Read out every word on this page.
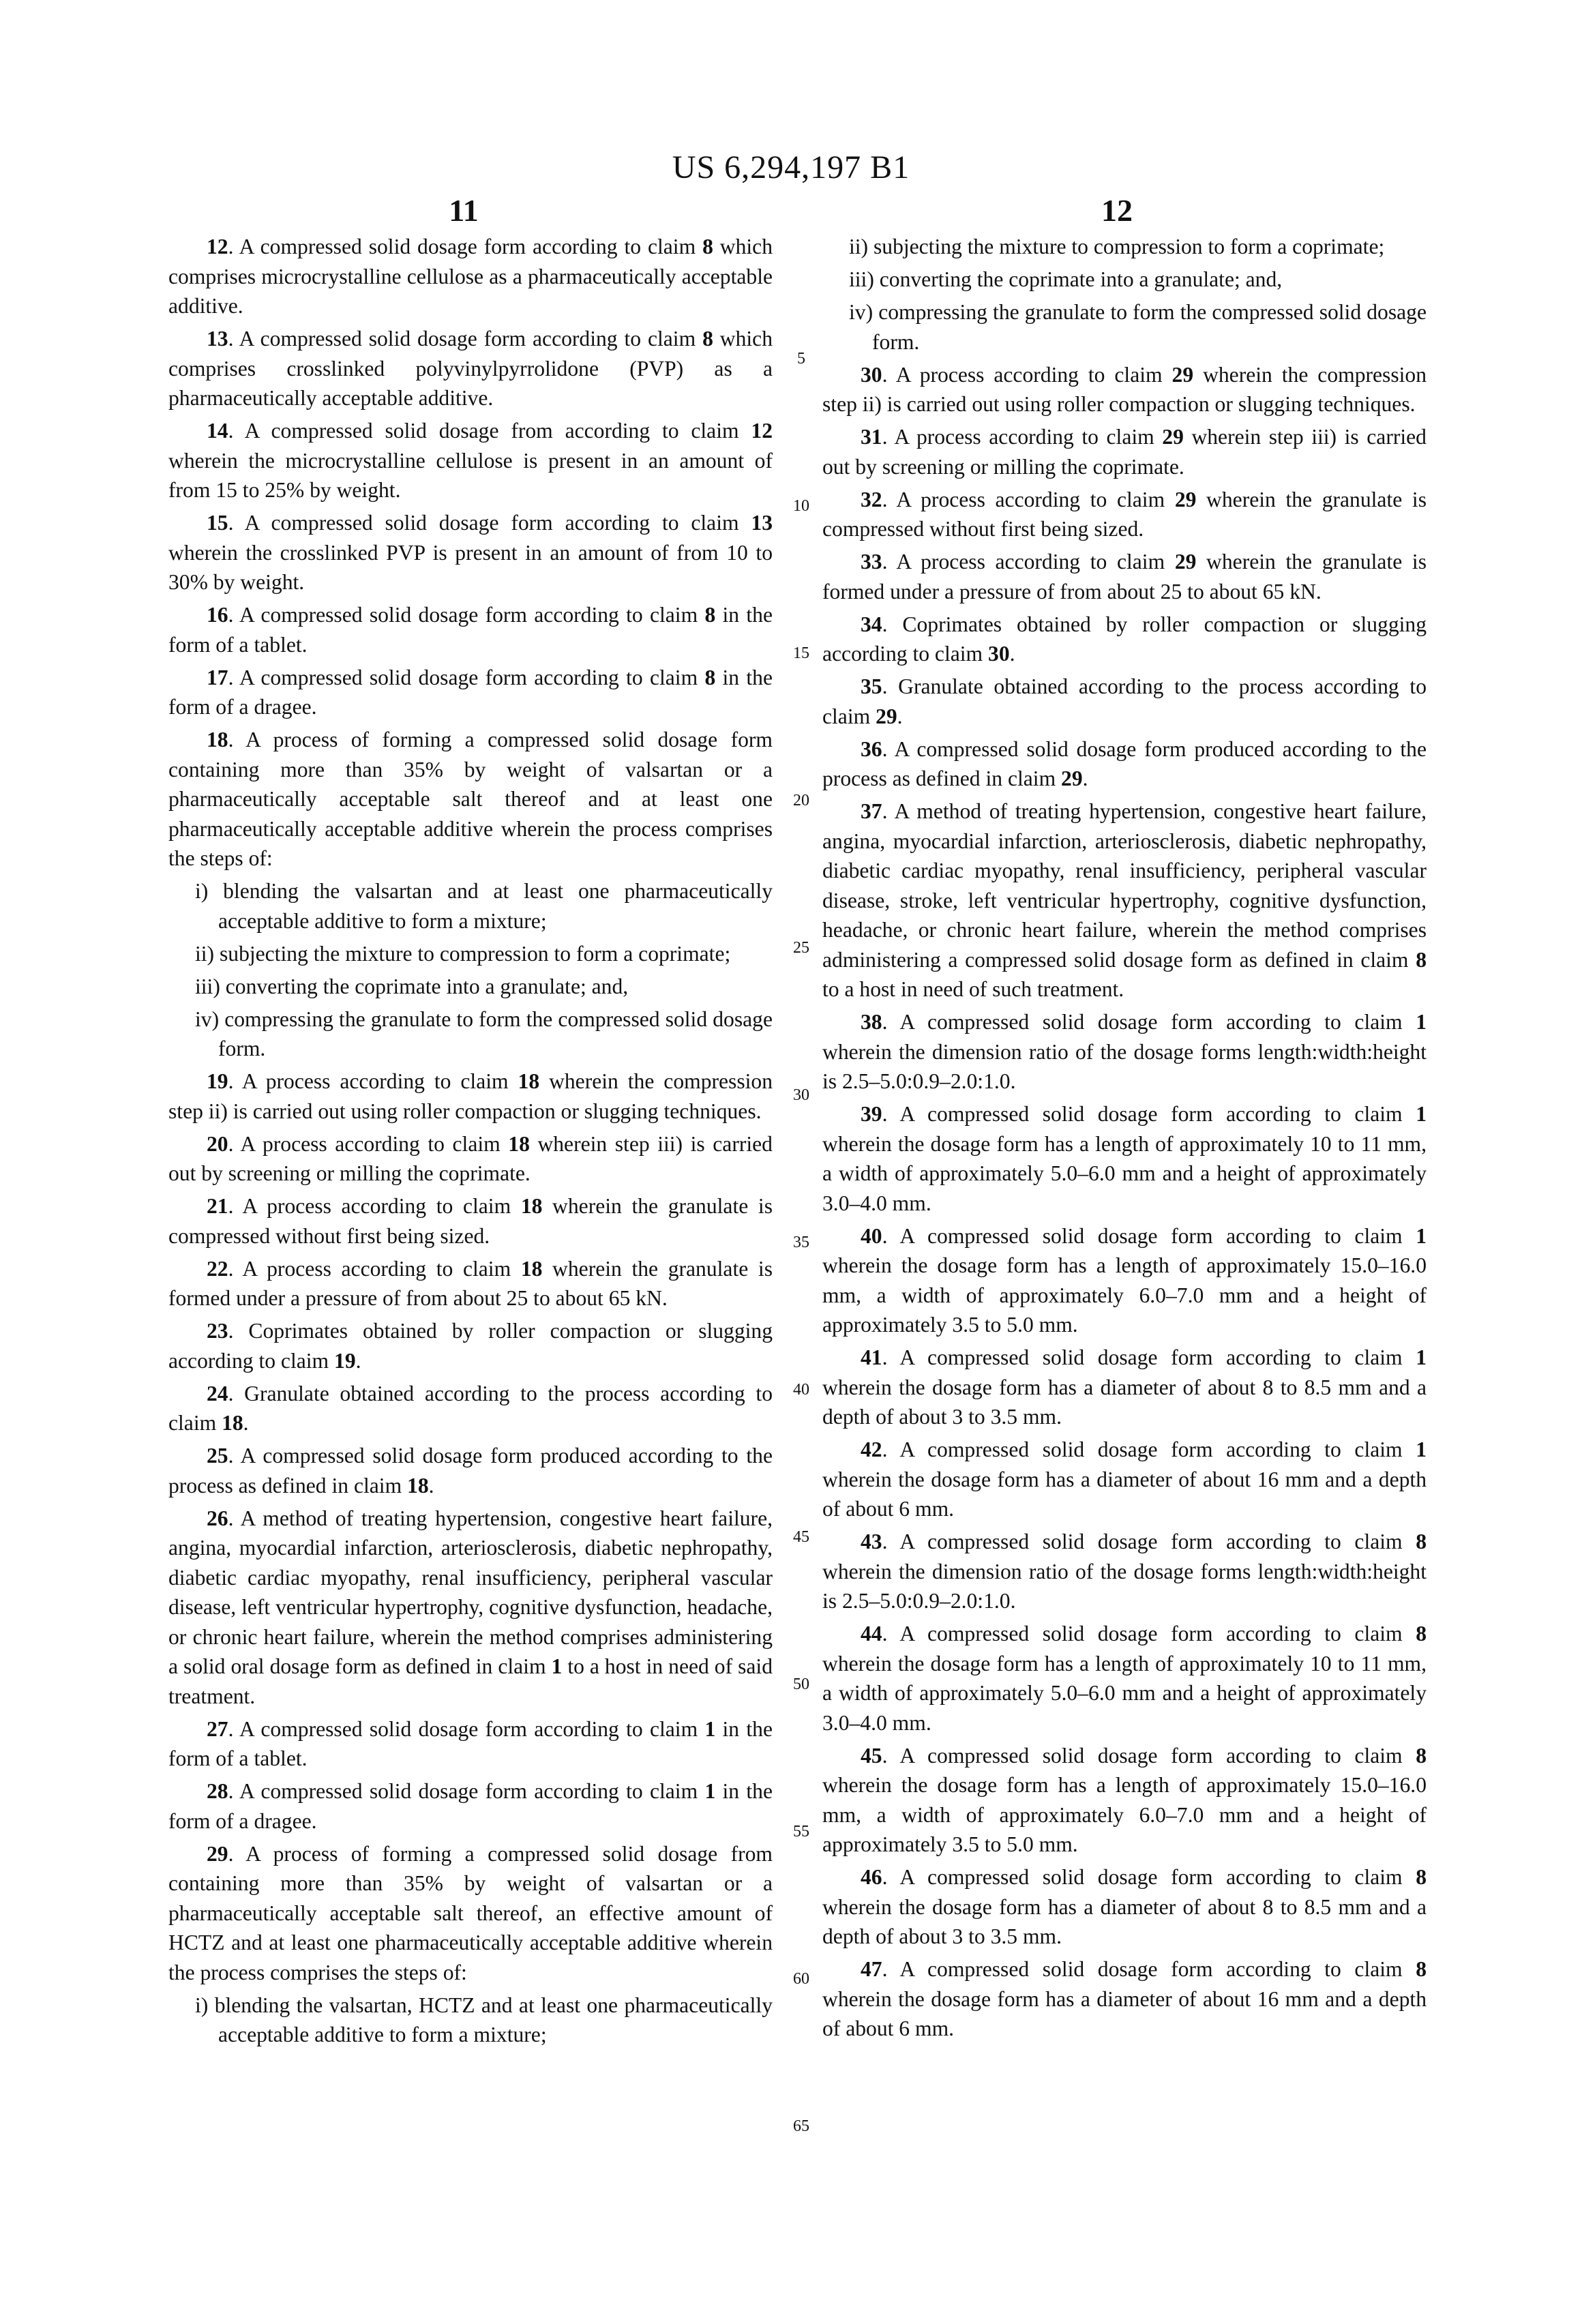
US 6,294,197 B1
11	12

12. A compressed solid dosage form according to claim 8 which comprises microcrystalline cellulose as a pharmaceutically acceptable additive.

13. A compressed solid dosage form according to claim 8 which comprises crosslinked polyvinylpyrrolidone (PVP) as a pharmaceutically acceptable additive.

14. A compressed solid dosage from according to claim 12 wherein the microcrystalline cellulose is present in an amount of from 15 to 25% by weight.

15. A compressed solid dosage form according to claim 13 wherein the crosslinked PVP is present in an amount of from 10 to 30% by weight.

16. A compressed solid dosage form according to claim 8 in the form of a tablet.

17. A compressed solid dosage form according to claim 8 in the form of a dragee.

18. A process of forming a compressed solid dosage form containing more than 35% by weight of valsartan or a pharmaceutically acceptable salt thereof and at least one pharmaceutically acceptable additive wherein the process comprises the steps of:

i) blending the valsartan and at least one pharmaceutically acceptable additive to form a mixture;

ii) subjecting the mixture to compression to form a coprimate;

iii) converting the coprimate into a granulate; and,

iv) compressing the granulate to form the compressed solid dosage form.

19. A process according to claim 18 wherein the compression step ii) is carried out using roller compaction or slugging techniques.

20. A process according to claim 18 wherein step iii) is carried out by screening or milling the coprimate.

21. A process according to claim 18 wherein the granulate is compressed without first being sized.

22. A process according to claim 18 wherein the granulate is formed under a pressure of from about 25 to about 65 kN.

23. Coprimates obtained by roller compaction or slugging according to claim 19.

24. Granulate obtained according to the process according to claim 18.

25. A compressed solid dosage form produced according to the process as defined in claim 18.

26. A method of treating hypertension, congestive heart failure, angina, myocardial infarction, arteriosclerosis, diabetic nephropathy, diabetic cardiac myopathy, renal insufficiency, peripheral vascular disease, left ventricular hypertrophy, cognitive dysfunction, headache, or chronic heart failure, wherein the method comprises administering a solid oral dosage form as defined in claim 1 to a host in need of said treatment.

27. A compressed solid dosage form according to claim 1 in the form of a tablet.

28. A compressed solid dosage form according to claim 1 in the form of a dragee.

29. A process of forming a compressed solid dosage from containing more than 35% by weight of valsartan or a pharmaceutically acceptable salt thereof, an effective amount of HCTZ and at least one pharmaceutically acceptable additive wherein the process comprises the steps of:

i) blending the valsartan, HCTZ and at least one pharmaceutically acceptable additive to form a mixture;

ii) subjecting the mixture to compression to form a coprimate;

iii) converting the coprimate into a granulate; and,

iv) compressing the granulate to form the compressed solid dosage form.

30. A process according to claim 29 wherein the compression step ii) is carried out using roller compaction or slugging techniques.

31. A process according to claim 29 wherein step iii) is carried out by screening or milling the coprimate.

32. A process according to claim 29 wherein the granulate is compressed without first being sized.

33. A process according to claim 29 wherein the granulate is formed under a pressure of from about 25 to about 65 kN.

34. Coprimates obtained by roller compaction or slugging according to claim 30.

35. Granulate obtained according to the process according to claim 29.

36. A compressed solid dosage form produced according to the process as defined in claim 29.

37. A method of treating hypertension, congestive heart failure, angina, myocardial infarction, arteriosclerosis, diabetic nephropathy, diabetic cardiac myopathy, renal insufficiency, peripheral vascular disease, stroke, left ventricular hypertrophy, cognitive dysfunction, headache, or chronic heart failure, wherein the method comprises administering a compressed solid dosage form as defined in claim 8 to a host in need of such treatment.

38. A compressed solid dosage form according to claim 1 wherein the dimension ratio of the dosage forms length:width:height is 2.5–5.0:0.9–2.0:1.0.

39. A compressed solid dosage form according to claim 1 wherein the dosage form has a length of approximately 10 to 11 mm, a width of approximately 5.0–6.0 mm and a height of approximately 3.0–4.0 mm.

40. A compressed solid dosage form according to claim 1 wherein the dosage form has a length of approximately 15.0–16.0 mm, a width of approximately 6.0–7.0 mm and a height of approximately 3.5 to 5.0 mm.

41. A compressed solid dosage form according to claim 1 wherein the dosage form has a diameter of about 8 to 8.5 mm and a depth of about 3 to 3.5 mm.

42. A compressed solid dosage form according to claim 1 wherein the dosage form has a diameter of about 16 mm and a depth of about 6 mm.

43. A compressed solid dosage form according to claim 8 wherein the dimension ratio of the dosage forms length:width:height is 2.5–5.0:0.9–2.0:1.0.

44. A compressed solid dosage form according to claim 8 wherein the dosage form has a length of approximately 10 to 11 mm, a width of approximately 5.0–6.0 mm and a height of approximately 3.0–4.0 mm.

45. A compressed solid dosage form according to claim 8 wherein the dosage form has a length of approximately 15.0–16.0 mm, a width of approximately 6.0–7.0 mm and a height of approximately 3.5 to 5.0 mm.

46. A compressed solid dosage form according to claim 8 wherein the dosage form has a diameter of about 8 to 8.5 mm and a depth of about 3 to 3.5 mm.

47. A compressed solid dosage form according to claim 8 wherein the dosage form has a diameter of about 16 mm and a depth of about 6 mm.

5
10
15
20
25
30
35
40
45
50
55
60
65
